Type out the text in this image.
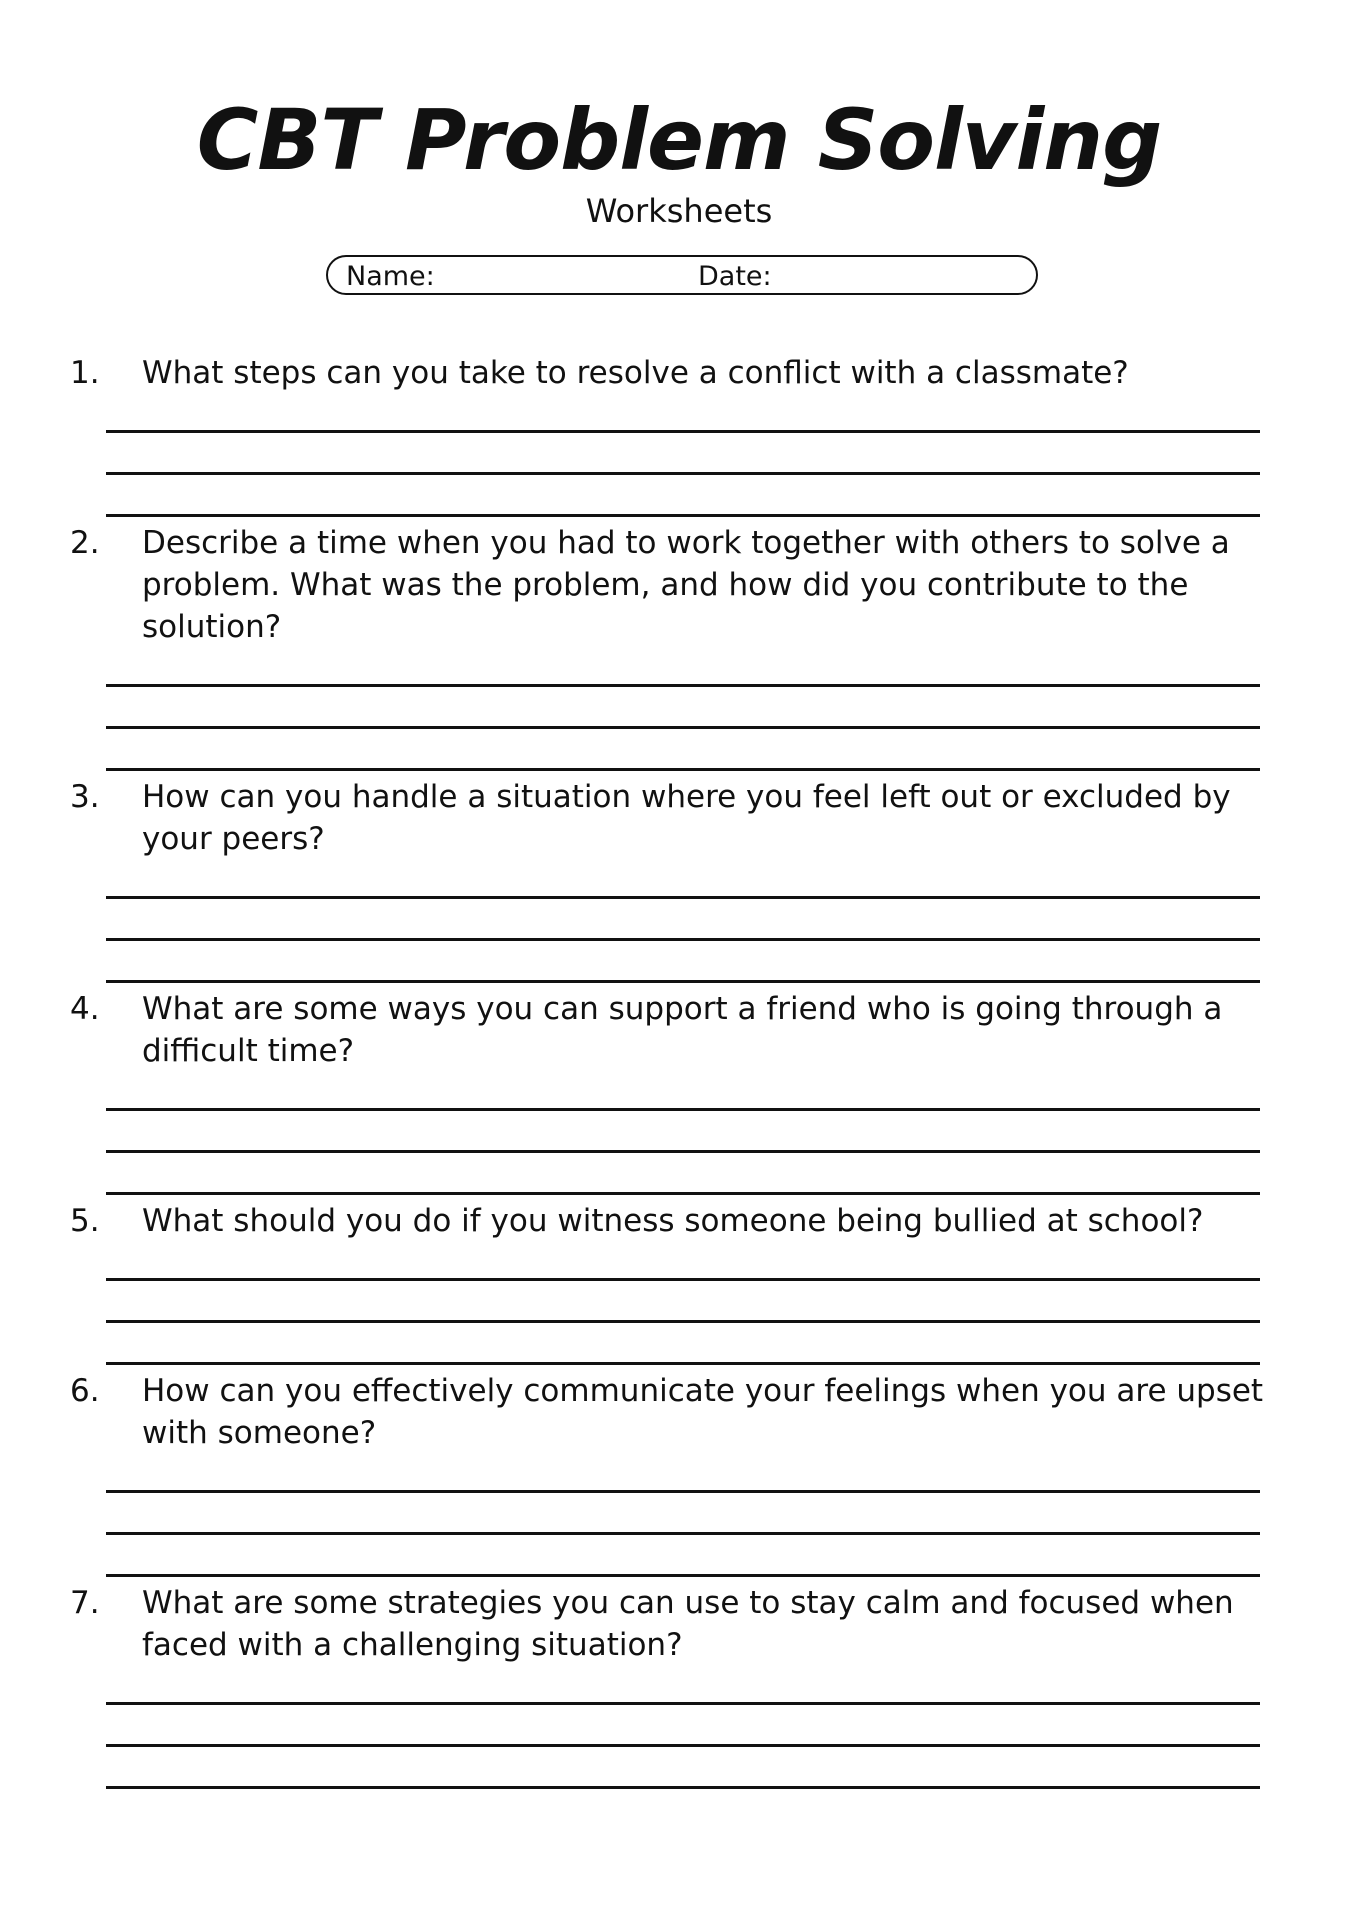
CBT Problem Solving
Worksheets
Name:	Date:

1. What steps can you take to resolve a conflict with a classmate?

2. Describe a time when you had to work together with others to solve a problem. What was the problem, and how did you contribute to the solution?

3. How can you handle a situation where you feel left out or excluded by your peers?

4. What are some ways you can support a friend who is going through a difficult time?

5. What should you do if you witness someone being bullied at school?

6. How can you effectively communicate your feelings when you are upset with someone?

7. What are some strategies you can use to stay calm and focused when faced with a challenging situation?
